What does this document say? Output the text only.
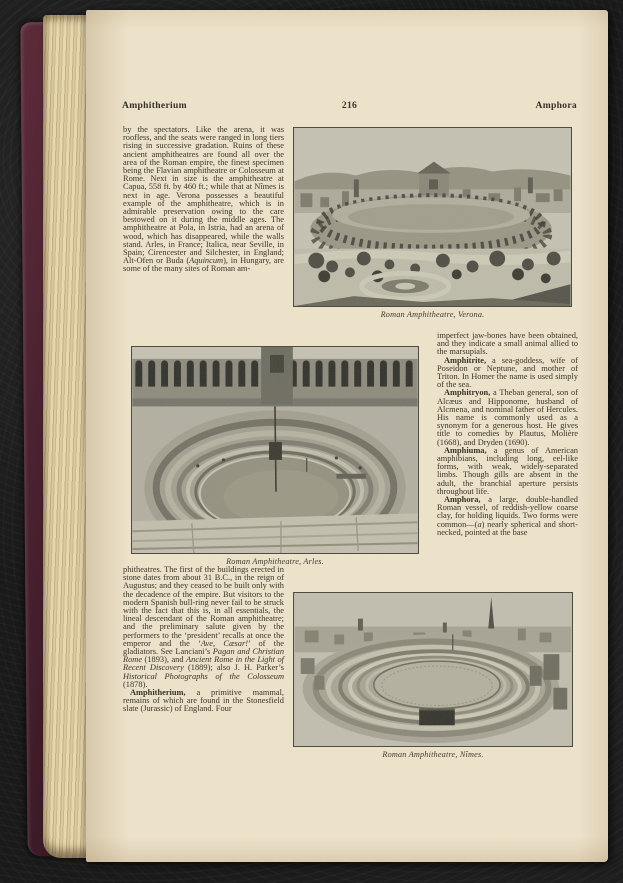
Amphitherium	216	Amphora

by the spectators. Like the arena, it was roofless, and the seats were ranged in long tiers rising in successive gradation. Ruins of these ancient amphitheatres are found all over the area of the Roman empire, the finest specimen being the Flavian amphitheatre or Colosseum at Rome. Next in size is the amphitheatre at Capua, 558 ft. by 460 ft.; while that at Nîmes is next in age. Verona possesses a beautiful example of the amphitheatre, which is in admirable preservation owing to the care bestowed on it during the middle ages. The amphitheatre at Pola, in Istria, had an arena of wood, which has disappeared, while the walls stand. Arles, in France; Italica, near Seville, in Spain; Cirencester and Silchester, in England; Alt-Ofen or Buda (Aquincum), in Hungary, are some of the many sites of Roman am-

Roman Amphitheatre, Verona.
Roman Amphitheatre, Arles.

imperfect jaw-bones have been obtained, and they indicate a small animal allied to the marsupials.

Amphitrite, a sea-goddess, wife of Poseidon or Neptune, and mother of Triton. In Homer the name is used simply of the sea.

Amphitryon, a Theban general, son of Alcæus and Hipponome, husband of Alcmena, and nominal father of Hercules. His name is commonly used as a synonym for a generous host. He gives title to comedies by Plautus, Molière (1668), and Dryden (1690).

Amphiuma, a genus of American amphibians, including long, eel-like forms, with weak, widely-separated limbs. Though gills are absent in the adult, the branchial aperture persists throughout life.

Amphora, a large, double-handled Roman vessel, of reddish-yellow coarse clay, for holding liquids. Two forms were common—(a) nearly spherical and short-necked, pointed at the base

phitheatres. The first of the buildings erected in stone dates from about 31 B.C., in the reign of Augustus; and they ceased to be built only with the decadence of the empire. But visitors to the modern Spanish bull-ring never fail to be struck with the fact that this is, in all essentials, the lineal descendant of the Roman amphitheatre; and the preliminary salute given by the performers to the ‘president’ recalls at once the emperor and the ‘Ave, Cæsar!’ of the gladiators. See Lanciani’s Pagan and Christian Rome (1893), and Ancient Rome in the Light of Recent Discovery (1889); also J. H. Parker’s Historical Photographs of the Colosseum (1878).

Amphitherium, a primitive mammal, remains of which are found in the Stonesfield slate (Jurassic) of England. Four

Roman Amphitheatre, Nîmes.
